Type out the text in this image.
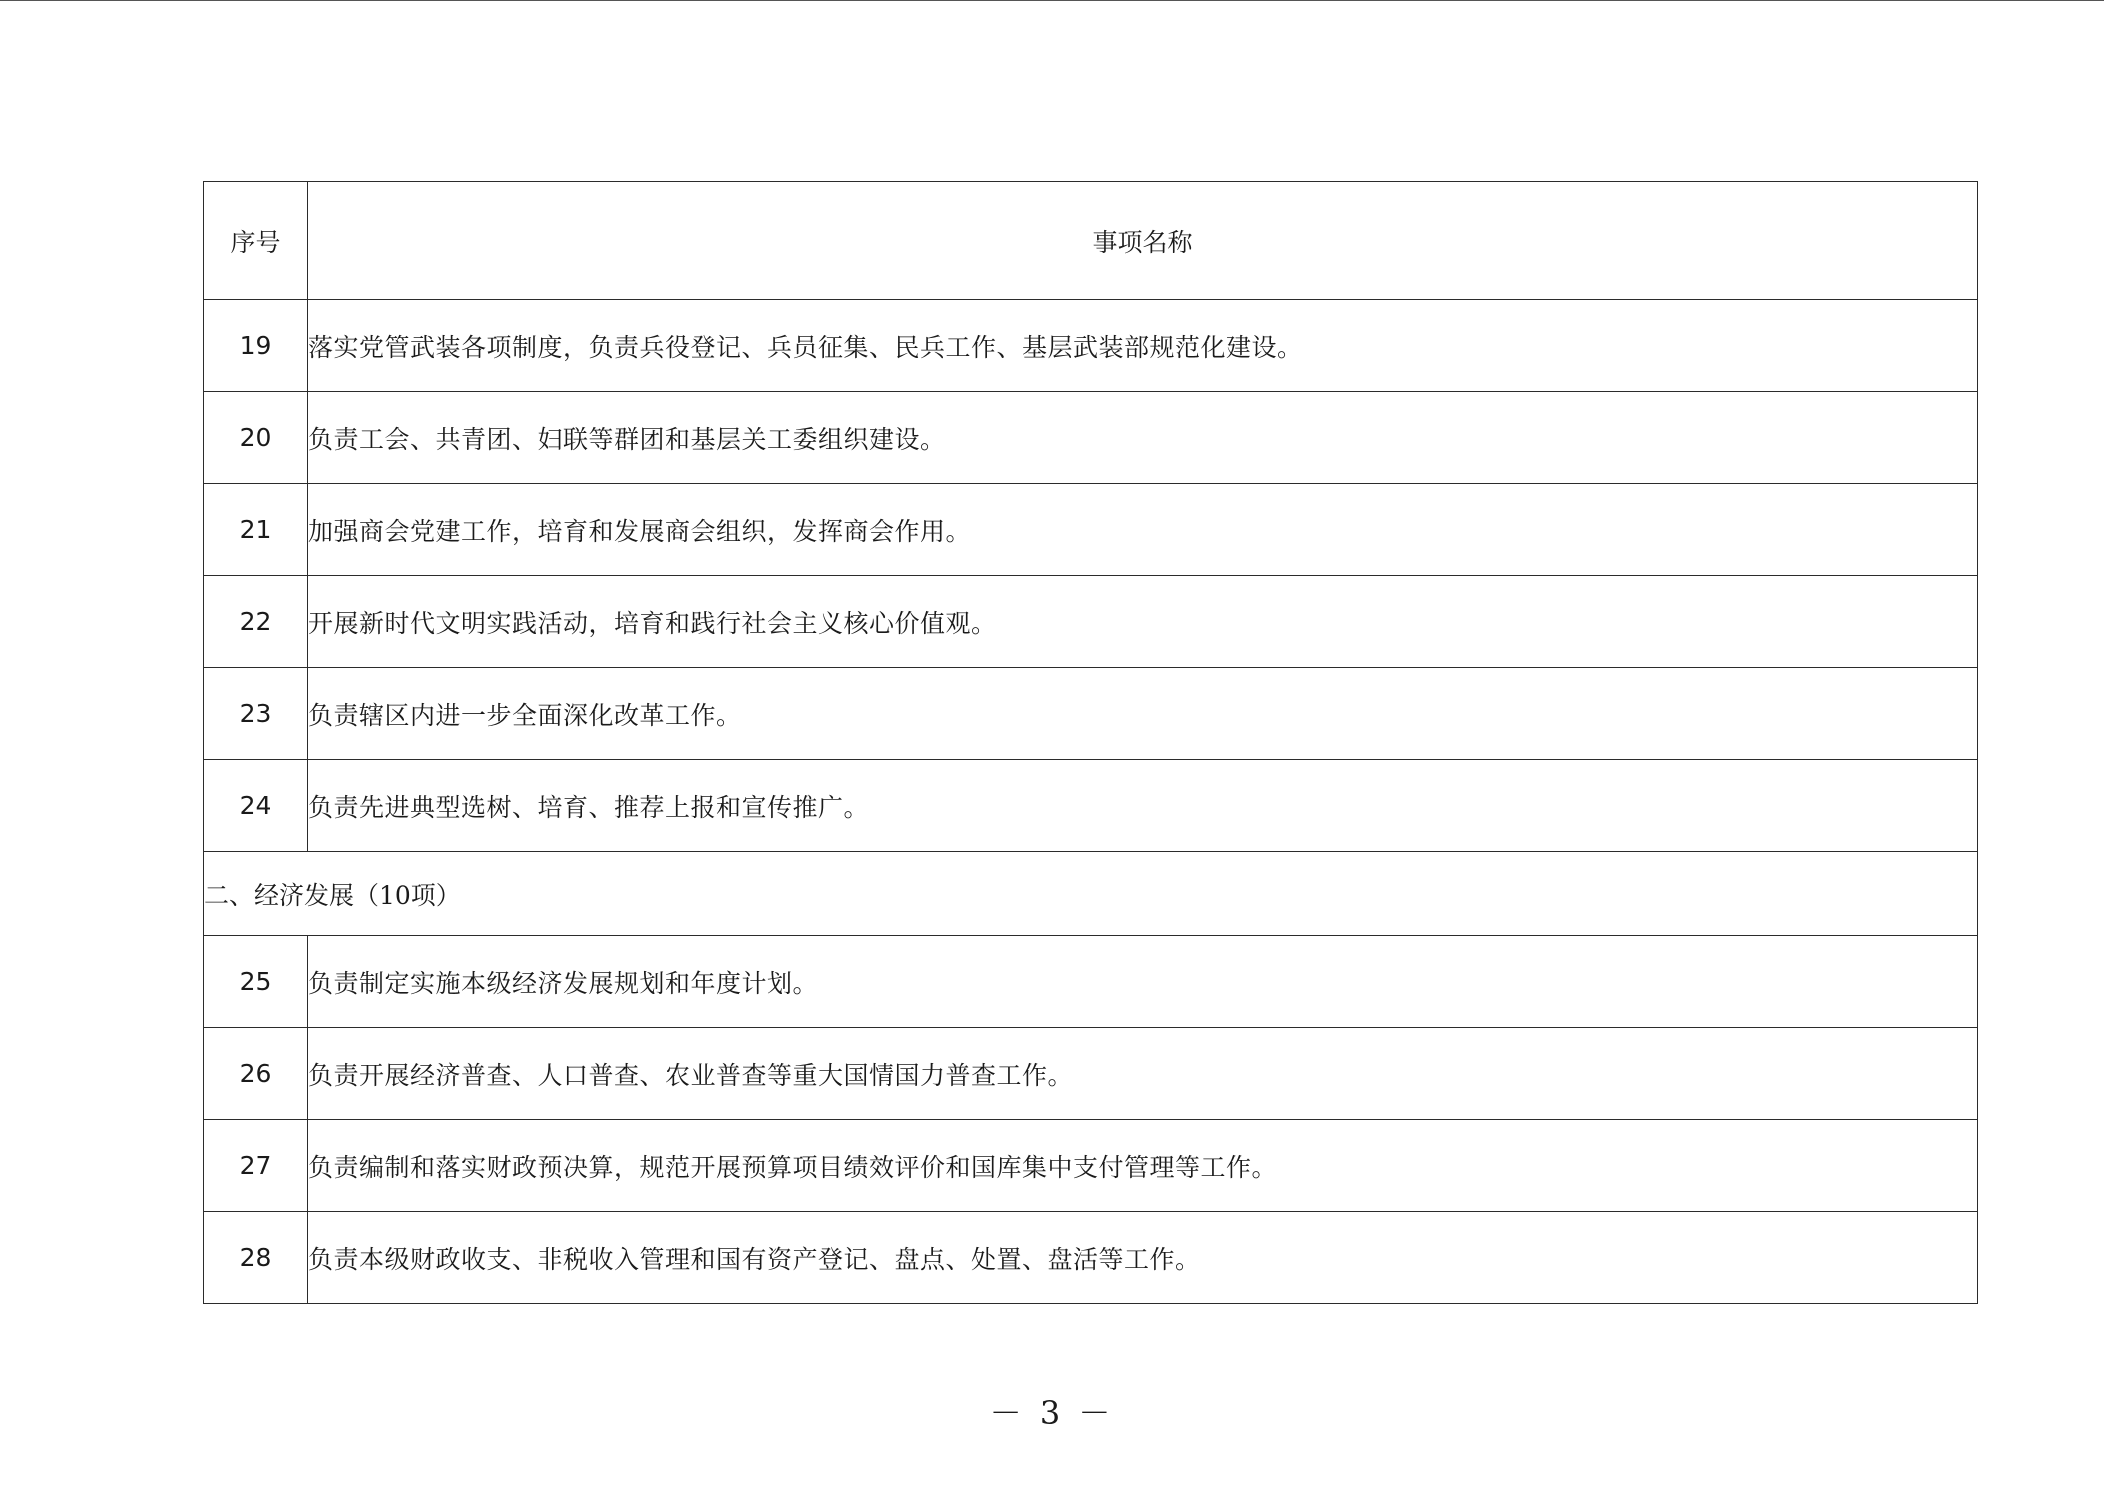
序号	事项名称
19	落实党管武装各项制度，负责兵役登记、兵员征集、民兵工作、基层武装部规范化建设。
20	负责工会、共青团、妇联等群团和基层关工委组织建设。
21	加强商会党建工作，培育和发展商会组织，发挥商会作用。
22	开展新时代文明实践活动，培育和践行社会主义核心价值观。
23	负责辖区内进一步全面深化改革工作。
24	负责先进典型选树、培育、推荐上报和宣传推广。
二、经济发展（10项）	
25	负责制定实施本级经济发展规划和年度计划。
26	负责开展经济普查、人口普查、农业普查等重大国情国力普查工作。
27	负责编制和落实财政预决算，规范开展预算项目绩效评价和国库集中支付管理等工作。
28	负责本级财政收支、非税收入管理和国有资产登记、盘点、处置、盘活等工作。
－ 3 －
